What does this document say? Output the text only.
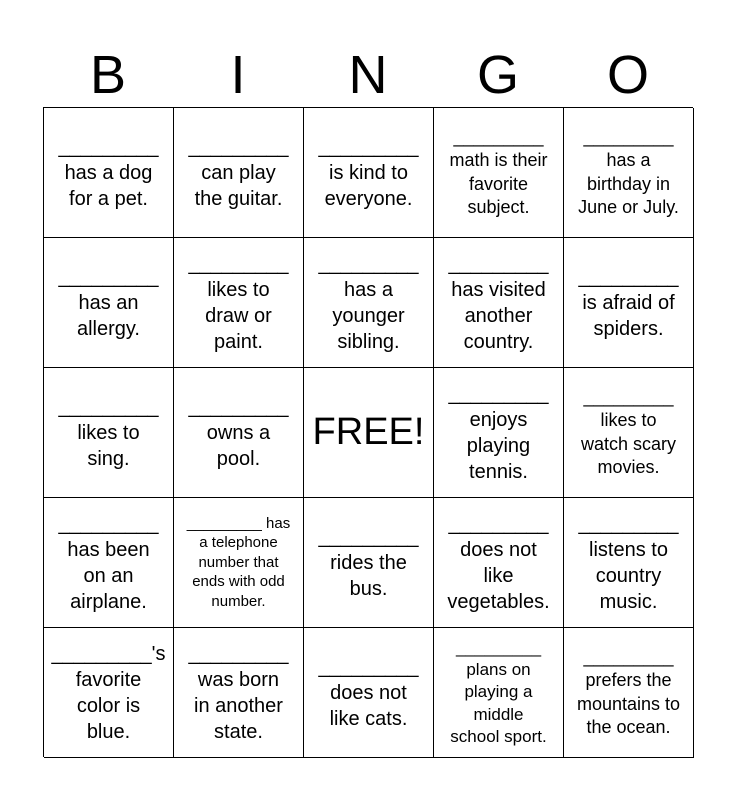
B	I	N	G	O
_________
has a dog
for a pet.
_________
can play
the guitar.
_________
is kind to
everyone.
_________
math is their
favorite
subject.
_________
has a
birthday in
June or July.
_________
has an
allergy.
_________
likes to
draw or
paint.
_________
has a
younger
sibling.
_________
has visited
another
country.
_________
is afraid of
spiders.
_________
likes to
sing.
_________
owns a
pool.
FREE!
_________
enjoys
playing
tennis.
_________
likes to
watch scary
movies.
_________
has been
on an
airplane.
_________ has
a telephone
number that
ends with odd
number.
_________
rides the
bus.
_________
does not
like
vegetables.
_________
listens to
country
music.
_________'s
favorite
color is
blue.
_________
was born
in another
state.
_________
does not
like cats.
_________
plans on
playing a
middle
school sport.
_________
prefers the
mountains to
the ocean.
